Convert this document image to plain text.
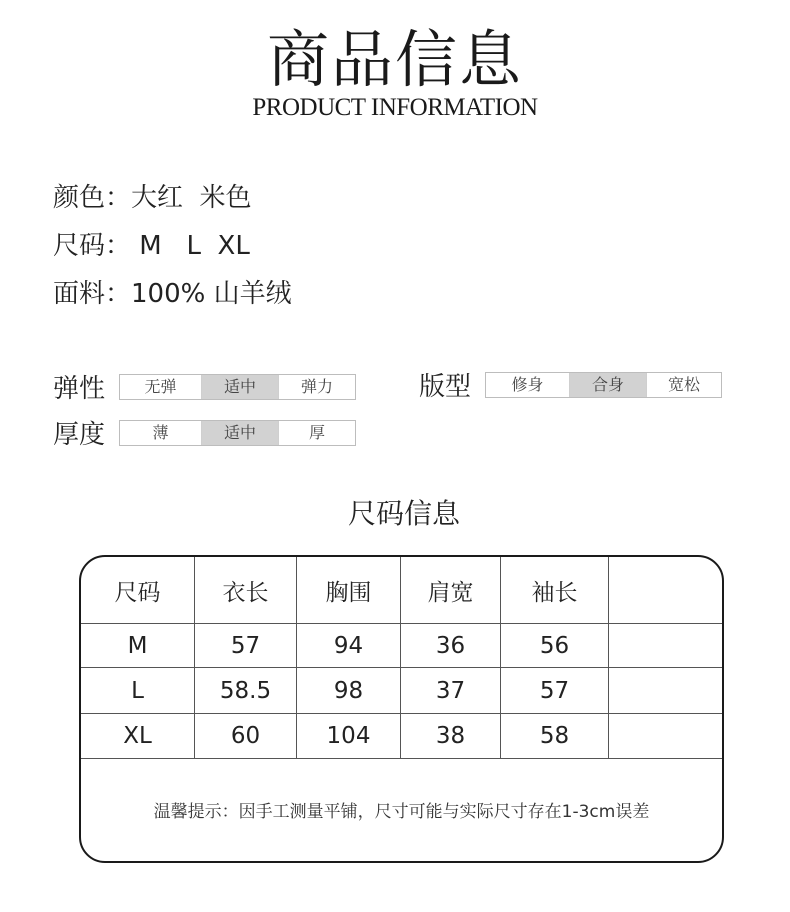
商品信息
PRODUCT INFORMATION
颜色：大红  米色
尺码： M   L  XL
面料：100% 山羊绒
弹性	无弹	适中	弹力	版型	修身	合身	宽松
厚度	薄	适中	厚
尺码信息
尺码	衣长	胸围	肩宽	袖长
M	57	94	36	56
L	58.5	98	37	57
XL	60	104	38	58
温馨提示：因手工测量平铺，尺寸可能与实际尺寸存在1-3cm误差
